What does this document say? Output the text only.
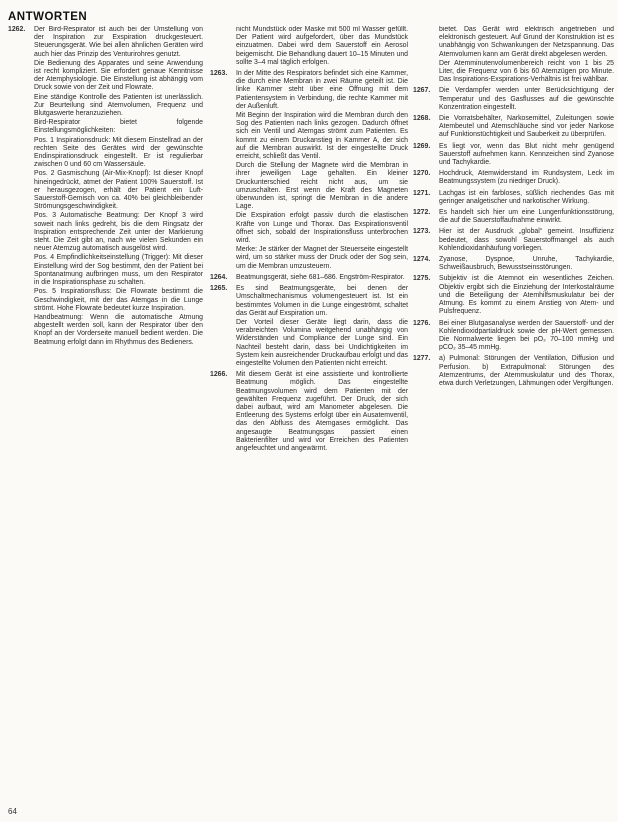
ANTWORTEN
1262.	Der Bird-Respirator ist auch bei der Umstellung von der Inspiration zur Exspiration druckgesteuert. Steuerungsgerät. Wie bei allen ähnlichen Geräten wird auch hier das Prinzip des Venturirohres genutzt.

Die Bedienung des Apparates und seine Anwendung ist recht kompliziert. Sie erfordert genaue Kenntnisse der Atemphysiologie. Die Einstellung ist abhängig vom Druck sowie von der Zeit und Flowrate.

Eine ständige Kontrolle des Patienten ist unerlässlich. Zur Beurteilung sind Atemvolumen, Frequenz und Blutgaswerte heranzuziehen.

Bird-Respirator bietet folgende Einstellungsmöglichkeiten:

Pos. 1 Inspirationsdruck: Mit diesem Einstellrad an der rechten Seite des Gerätes wird der gewünschte Endinspirationsdruck eingestellt. Er ist regulierbar zwischen 0 und 60 cm Wassersäule.

Pos. 2 Gasmischung (Air-Mix-Knopf): Ist dieser Knopf hineingedrückt, atmet der Patient 100% Sauerstoff. Ist er herausgezogen, erhält der Patient ein Luft-Sauerstoff-Gemisch von ca. 40% bei gleichbleibender Strömungsgeschwindigkeit.

Pos. 3 Automatische Beatmung: Der Knopf 3 wird soweit nach links gedreht, bis die dem Ringsatz der Inspiration entsprechende Zeit unter der Markierung steht. Die Zeit gibt an, nach wie vielen Sekunden ein neuer Atemzug automatisch ausgelöst wird.

Pos. 4 Empfindlichkeitseinstellung (Trigger): Mit dieser Einstellung wird der Sog bestimmt, den der Patient bei Spontanatmung aufbringen muss, um den Respirator in die Inspirationsphase zu schalten.

Pos. 5 Inspirationsfluss: Die Flowrate bestimmt die Geschwindigkeit, mit der das Atemgas in die Lunge strömt. Hohe Flowrate bedeutet kurze Inspiration.

Handbeatmung: Wenn die automatische Atmung abgestellt werden soll, kann der Respirator über den Knopf an der Vorderseite manuell bedient werden. Die Beatmung erfolgt dann im Rhythmus des Bedieners.

nicht Mundstück oder Maske mit 500 ml Wasser gefüllt. Der Patient wird aufgefordert, über das Mundstück einzuatmen. Dabei wird dem Sauerstoff ein Aerosol beigemischt. Die Behandlung dauert 10–15 Minuten und sollte 3–4 mal täglich erfolgen.

1263.	In der Mitte des Respirators befindet sich eine Kammer, die durch eine Membran in zwei Räume geteilt ist. Die linke Kammer steht über eine Öffnung mit dem Patientensystem in Verbindung, die rechte Kammer mit der Außenluft.

Mit Beginn der Inspiration wird die Membran durch den Sog des Patienten nach links gezogen. Dadurch öffnet sich ein Ventil und Atemgas strömt zum Patienten. Es kommt zu einem Druckanstieg in Kammer A, der sich auf die Membran auswirkt. Ist der eingestellte Druck erreicht, schließt das Ventil.

Durch die Stellung der Magnete wird die Membran in ihrer jeweiligen Lage gehalten. Ein kleiner Druckunterschied reicht nicht aus, um sie umzuschalten. Erst wenn die Kraft des Magneten überwunden ist, springt die Membran in die andere Lage.

Die Exspiration erfolgt passiv durch die elastischen Kräfte von Lunge und Thorax. Das Exspirationsventil öffnet sich, sobald der Inspirationsfluss unterbrochen wird.

Merke: Je stärker der Magnet der Steuerseite eingestellt wird, um so stärker muss der Druck oder der Sog sein, um die Membran umzusteuern.

1264.	Beatmungsgerät, siehe 681–686. Engström-Respirator.

1265.	Es sind Beatmungsgeräte, bei denen der Umschaltmechanismus volumengesteuert ist. Ist ein bestimmtes Volumen in die Lunge eingeströmt, schaltet das Gerät auf Exspiration um.

Der Vorteil dieser Geräte liegt darin, dass die verabreichten Volumina weitgehend unabhängig von Widerständen und Compliance der Lunge sind. Ein Nachteil besteht darin, dass bei Undichtigkeiten im System kein ausreichender Druckaufbau erfolgt und das eingestellte Volumen den Patienten nicht erreicht.

1266.	Mit diesem Gerät ist eine assistierte und kontrollierte Beatmung möglich. Das eingestellte Beatmungsvolumen wird dem Patienten mit der gewählten Frequenz zugeführt. Der Druck, der sich dabei aufbaut, wird am Manometer abgelesen. Die Entleerung des Systems erfolgt über ein Ausatemventil, das den Abfluss des Atemgases ermöglicht. Das angesaugte Beatmungsgas passiert einen Bakterienfilter und wird vor Erreichen des Patienten angefeuchtet und angewärmt.

bietet. Das Gerät wird elektrisch angetrieben und elektronisch gesteuert. Auf Grund der Konstruktion ist es unabhängig von Schwankungen der Netzspannung. Das Atemvolumen kann am Gerät direkt abgelesen werden.

Der Atemminutenvolumenbereich reicht von 1 bis 25 Liter, die Frequenz von 6 bis 60 Atemzügen pro Minute. Das Inspirations-Exspirations-Verhältnis ist frei wählbar.

1267.	Die Verdampfer werden unter Berücksichtigung der Temperatur und des Gasflusses auf die gewünschte Konzentration eingestellt.

1268.	Die Vorratsbehälter, Narkosemittel, Zuleitungen sowie Atembeutel und Atemschläuche sind vor jeder Narkose auf Funktionstüchtigkeit und Sauberkeit zu überprüfen.

1269.	Es liegt vor, wenn das Blut nicht mehr genügend Sauerstoff aufnehmen kann. Kennzeichen sind Zyanose und Tachykardie.

1270.	Hochdruck, Atemwiderstand im Rundsystem, Leck im Beatmungssystem (zu niedriger Druck).

1271.	Lachgas ist ein farbloses, süßlich riechendes Gas mit geringer analgetischer und narkotischer Wirkung.

1272.	Es handelt sich hier um eine Lungenfunktionsstörung, die auf die Sauerstoffaufnahme einwirkt.

1273.	Hier ist der Ausdruck „global“ gemeint. Insuffizienz bedeutet, dass sowohl Sauerstoffmangel als auch Kohlendioxidanhäufung vorliegen.

1274.	Zyanose, Dyspnoe, Unruhe, Tachykardie, Schweißausbruch, Bewusstseinsstörungen.

1275.	Subjektiv ist die Atemnot ein wesentliches Zeichen. Objektiv ergibt sich die Einziehung der Interkostalräume und die Beteiligung der Atemhilfsmuskulatur bei der Atmung. Es kommt zu einem Anstieg von Atem- und Pulsfrequenz.

1276.	Bei einer Blutgasanalyse werden der Sauerstoff- und der Kohlendioxidpartialdruck sowie der pH-Wert gemessen. Die Normalwerte liegen bei pO₂ 70–100 mmHg und pCO₂ 35–45 mmHg.

1277.	a) Pulmonal: Störungen der Ventilation, Diffusion und Perfusion. b) Extrapulmonal: Störungen des Atemzentrums, der Atemmuskulatur und des Thorax, etwa durch Verletzungen, Lähmungen oder Vergiftungen.

64
